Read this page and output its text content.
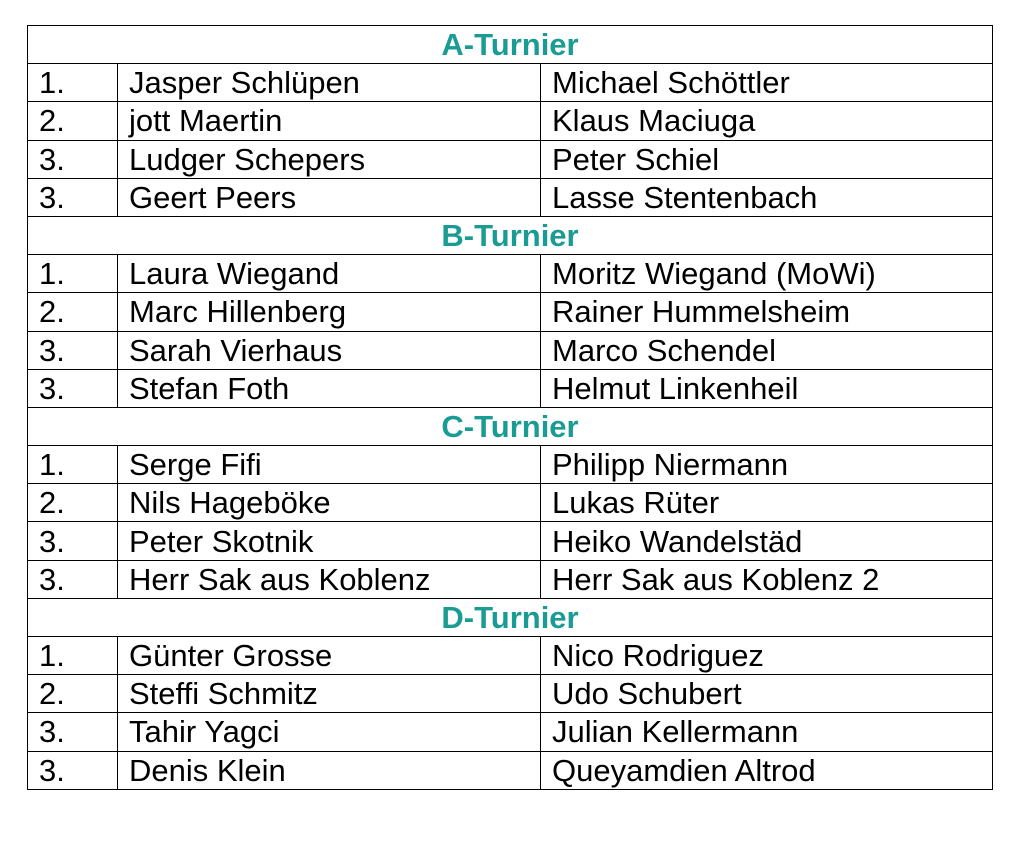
A-Turnier		
1.	Jasper Schlüpen	Michael Schöttler
2.	jott Maertin	Klaus Maciuga
3.	Ludger Schepers	Peter Schiel
3.	Geert Peers	Lasse Stentenbach
B-Turnier		
1.	Laura Wiegand	Moritz Wiegand (MoWi)
2.	Marc Hillenberg	Rainer Hummelsheim
3.	Sarah Vierhaus	Marco Schendel
3.	Stefan Foth	Helmut Linkenheil
C-Turnier		
1.	Serge Fifi	Philipp Niermann
2.	Nils Hageböke	Lukas Rüter
3.	Peter Skotnik	Heiko Wandelstäd
3.	Herr Sak aus Koblenz	Herr Sak aus Koblenz 2
D-Turnier		
1.	Günter Grosse	Nico Rodriguez
2.	Steffi Schmitz	Udo Schubert
3.	Tahir Yagci	Julian Kellermann
3.	Denis Klein	Queyamdien Altrod
